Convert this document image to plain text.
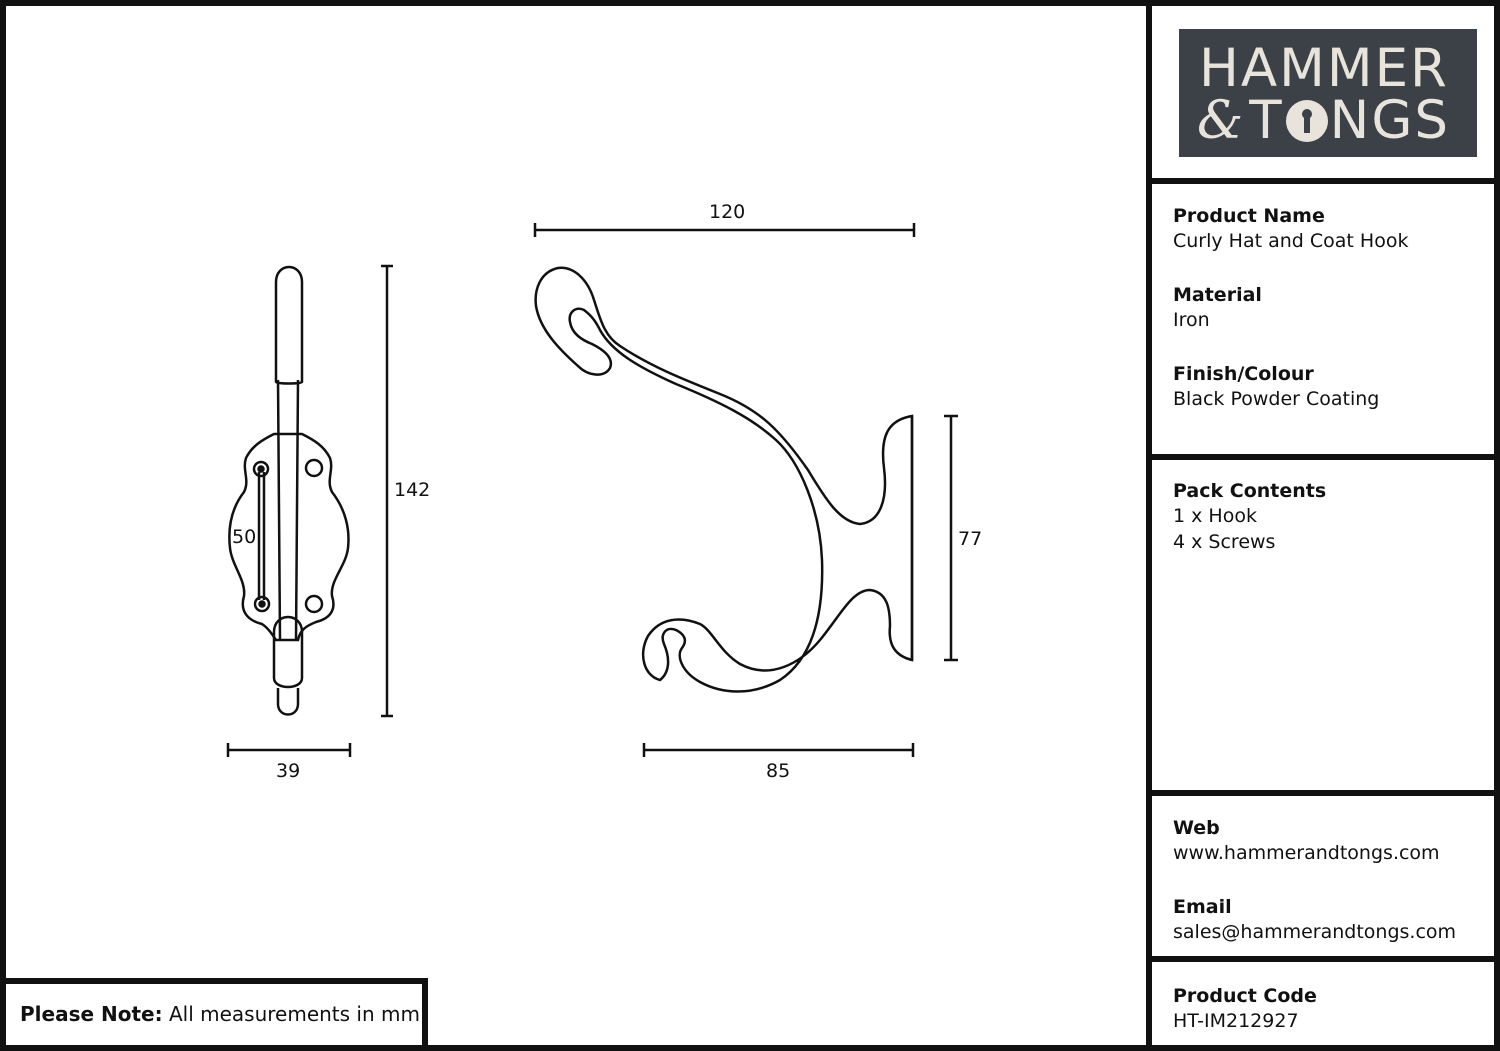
142
39
50
120
85
77
HAMMER
& T NGS
Product Name
Curly Hat and Coat Hook
Material
Iron
Finish/Colour
Black Powder Coating
Pack Contents
1 x Hook
4 x Screws
Web
www.hammerandtongs.com
Email
sales@hammerandtongs.com
Product Code
HT-IM212927
Please Note: All measurements in mm
